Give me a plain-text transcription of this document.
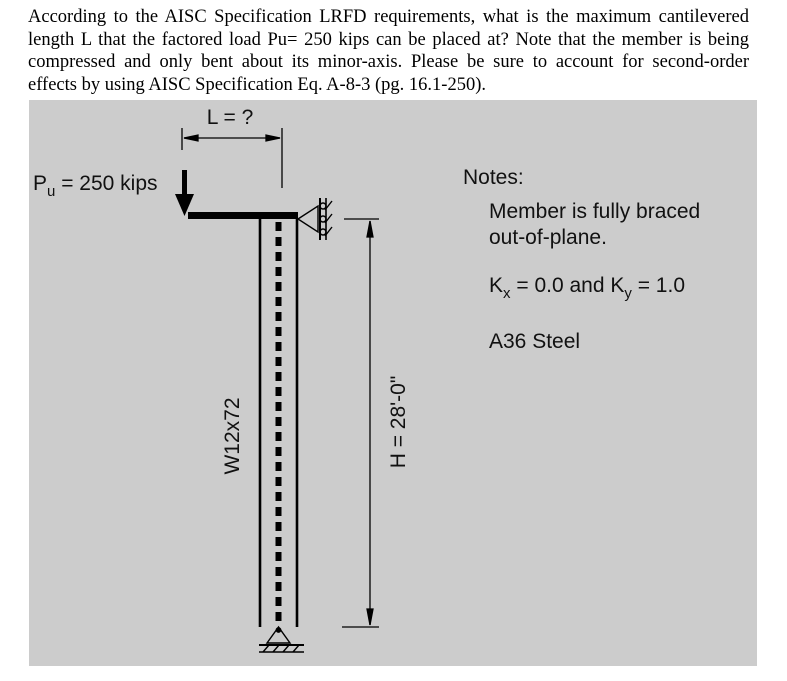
According to the AISC Specification LRFD requirements, what is the maximum cantilevered length L that the factored load Pu= 250 kips can be placed at? Note that the member is being compressed and only bent about its minor-axis. Please be sure to account for second-order effects by using AISC Specification Eq. A-8-3 (pg. 16.1-250).
L = ?
$P_u = 250$ kips
H = 28'-0"
W12x72
Notes:
Member is fully braced
out-of-plane.
$K_x = 0.0$ and $K_y = 1.0$
A36 Steel
